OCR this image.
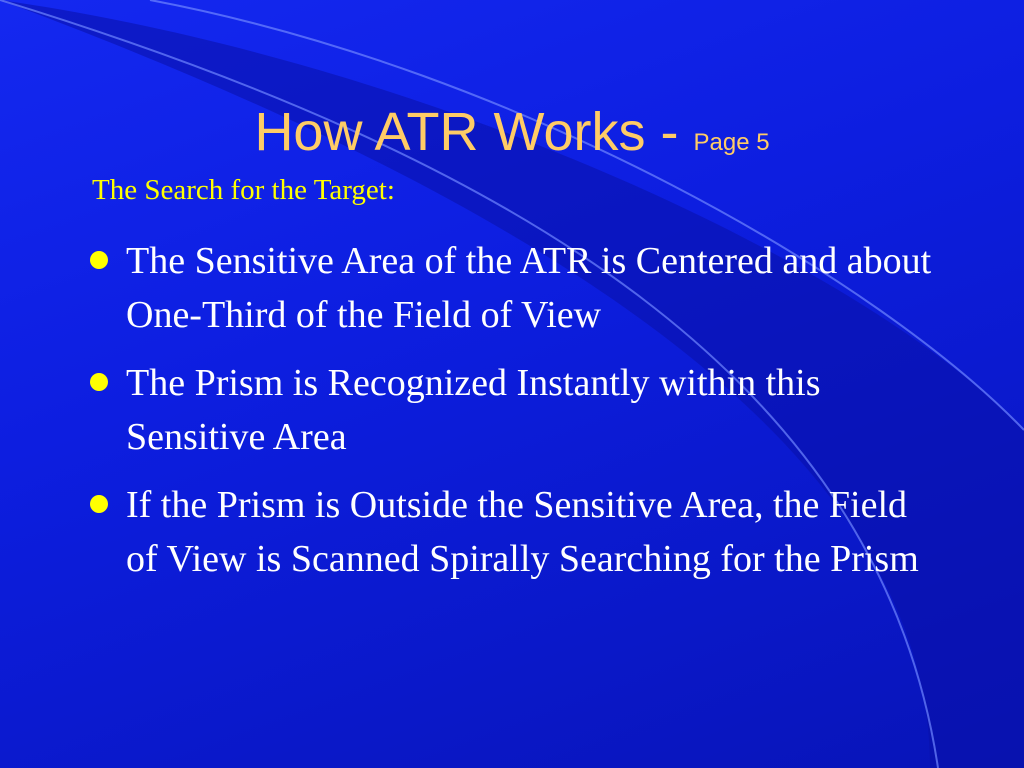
How ATR Works - Page 5
The Search for the Target:
The Sensitive Area of the ATR is Centered and about One-Third of the Field of View
The Prism is Recognized Instantly within this Sensitive Area
If the Prism is Outside the Sensitive Area, the Field of View is Scanned Spirally Searching for the Prism
